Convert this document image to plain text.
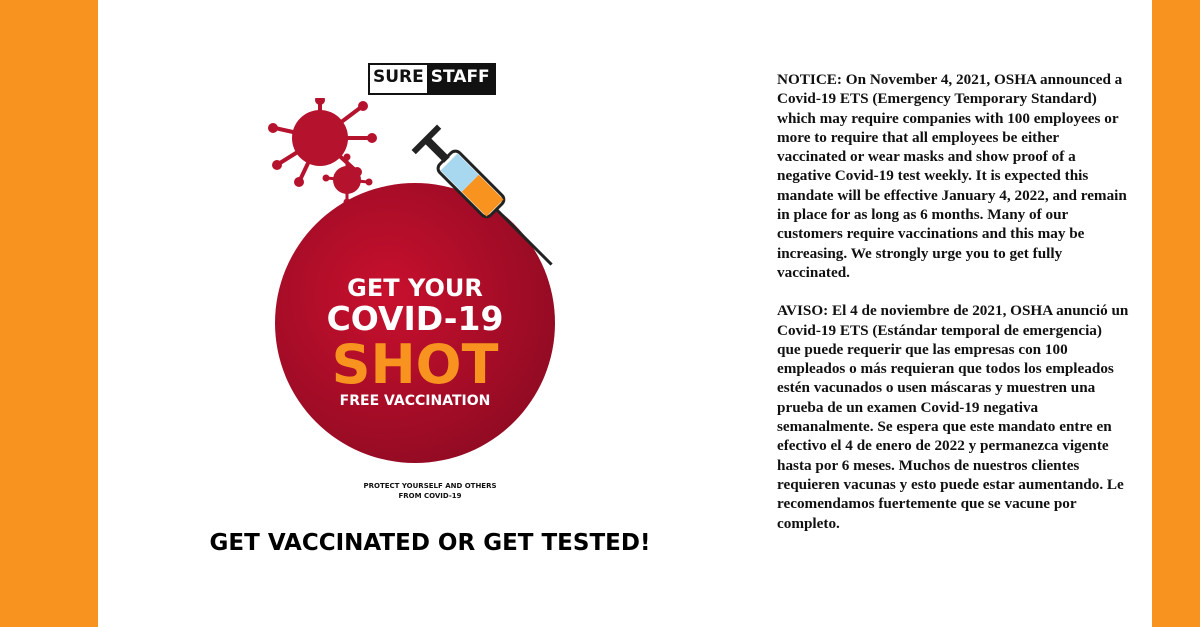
SURE STAFF
GET YOUR
COVID-19
SHOT
FREE VACCINATION
PROTECT YOURSELF AND OTHERS
FROM COVID-19
GET VACCINATED OR GET TESTED!

NOTICE: On November 4, 2021, OSHA announced a Covid-19 ETS (Emergency Temporary Standard) which may require companies with 100 employees or more to require that all employees be either vaccinated or wear masks and show proof of a negative Covid-19 test weekly. It is expected this mandate will be effective January 4, 2022, and remain in place for as long as 6 months. Many of our customers require vaccinations and this may be increasing. We strongly urge you to get fully vaccinated.

AVISO: El 4 de noviembre de 2021, OSHA anunció un Covid-19 ETS (Estándar temporal de emergencia) que puede requerir que las empresas con 100 empleados o más requieran que todos los empleados estén vacunados o usen máscaras y muestren una prueba de un examen Covid-19 negativa semanalmente. Se espera que este mandato entre en efectivo el 4 de enero de 2022 y permanezca vigente hasta por 6 meses. Muchos de nuestros clientes requieren vacunas y esto puede estar aumentando. Le recomendamos fuertemente que se vacune por completo.
